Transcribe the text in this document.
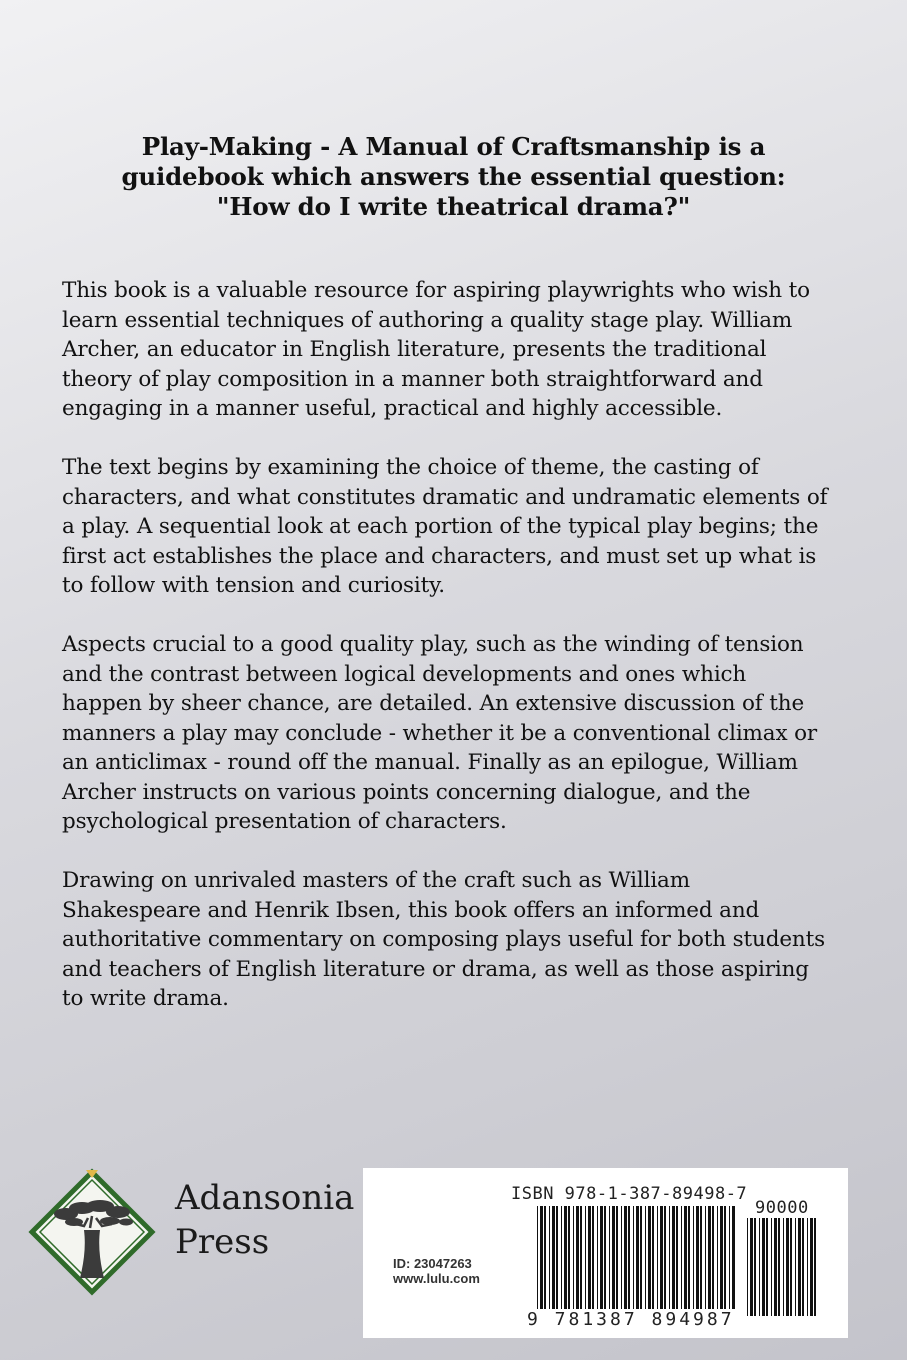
Play-Making - A Manual of Craftsmanship is a
guidebook which answers the essential question:
"How do I write theatrical drama?"
This book is a valuable resource for aspiring playwrights who wish to
learn essential techniques of authoring a quality stage play. William
Archer, an educator in English literature, presents the traditional
theory of play composition in a manner both straightforward and
engaging in a manner useful, practical and highly accessible.
The text begins by examining the choice of theme, the casting of
characters, and what constitutes dramatic and undramatic elements of
a play. A sequential look at each portion of the typical play begins; the
first act establishes the place and characters, and must set up what is
to follow with tension and curiosity.
Aspects crucial to a good quality play, such as the winding of tension
and the contrast between logical developments and ones which
happen by sheer chance, are detailed. An extensive discussion of the
manners a play may conclude - whether it be a conventional climax or
an anticlimax - round off the manual. Finally as an epilogue, William
Archer instructs on various points concerning dialogue, and the
psychological presentation of characters.
Drawing on unrivaled masters of the craft such as William
Shakespeare and Henrik Ibsen, this book offers an informed and
authoritative commentary on composing plays useful for both students
and teachers of English literature or drama, as well as those aspiring
to write drama.
Adansonia
Press
ISBN 978-1-387-89498-7
90000
ID: 23047263
www.lulu.com
9 781387 894987
